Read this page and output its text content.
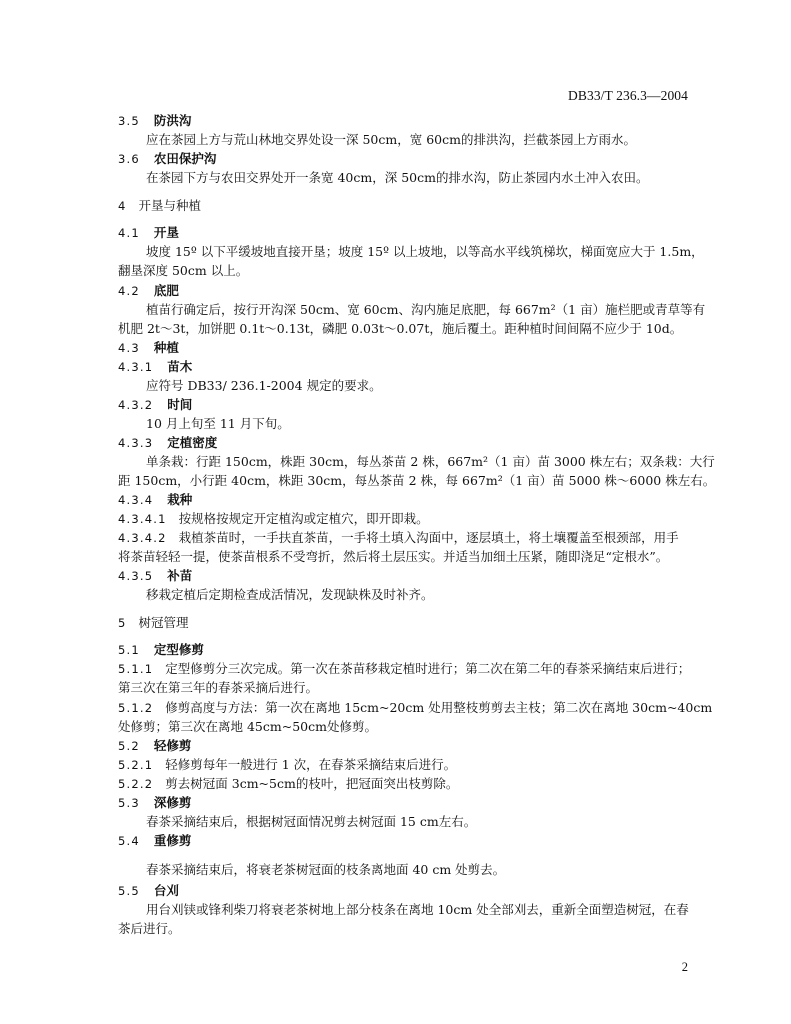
DB33/T 236.3—2004
3.5 防洪沟
应在茶园上方与荒山林地交界处设一深 50cm，宽 60cm的排洪沟，拦截茶园上方雨水。
3.6 农田保护沟
在茶园下方与农田交界处开一条宽 40cm，深 50cm的排水沟，防止茶园内水土冲入农田。
4 开垦与种植
4.1 开垦
坡度 15º 以下平缓坡地直接开垦；坡度 15º 以上坡地，以等高水平线筑梯坎，梯面宽应大于 1.5m，
翻垦深度 50cm 以上。
4.2 底肥
植苗行确定后，按行开沟深 50cm、宽 60cm、沟内施足底肥，每 667m²（1 亩）施栏肥或青草等有
机肥 2t～3t，加饼肥 0.1t～0.13t，磷肥 0.03t～0.07t，施后覆土。距种植时间间隔不应少于 10d。
4.3 种植
4.3.1 苗木
应符号 DB33/ 236.1-2004 规定的要求。
4.3.2 时间
10 月上旬至 11 月下旬。
4.3.3 定植密度
单条栽：行距 150cm，株距 30cm，每丛茶苗 2 株，667m²（1 亩）苗 3000 株左右；双条栽：大行
距 150cm，小行距 40cm，株距 30cm，每丛茶苗 2 株，每 667m²（1 亩）苗 5000 株～6000 株左右。
4.3.4 栽种
4.3.4.1 按规格按规定开定植沟或定植穴，即开即栽。
4.3.4.2 栽植茶苗时，一手扶直茶苗，一手将土填入沟面中，逐层填土，将土壤覆盖至根颈部，用手
将茶苗轻轻一提，使茶苗根系不受弯折，然后将土层压实。并适当加细土压紧，随即浇足“定根水”。
4.3.5 补苗
移栽定植后定期检查成活情况，发现缺株及时补齐。
5 树冠管理
5.1 定型修剪
5.1.1 定型修剪分三次完成。第一次在茶苗移栽定植时进行；第二次在第二年的春茶采摘结束后进行；
第三次在第三年的春茶采摘后进行。
5.1.2 修剪高度与方法：第一次在离地 15cm~20cm 处用整枝剪剪去主枝；第二次在离地 30cm~40cm
处修剪；第三次在离地 45cm~50cm处修剪。
5.2 轻修剪
5.2.1 轻修剪每年一般进行 1 次，在春茶采摘结束后进行。
5.2.2 剪去树冠面 3cm~5cm的枝叶，把冠面突出枝剪除。
5.3 深修剪
春茶采摘结束后，根据树冠面情况剪去树冠面 15 cm左右。
5.4 重修剪
春茶采摘结束后，将衰老茶树冠面的枝条离地面 40 cm 处剪去。
5.5 台刈
用台刈铗或锋利柴刀将衰老茶树地上部分枝条在离地 10cm 处全部刈去，重新全面塑造树冠，在春
茶后进行。
2
